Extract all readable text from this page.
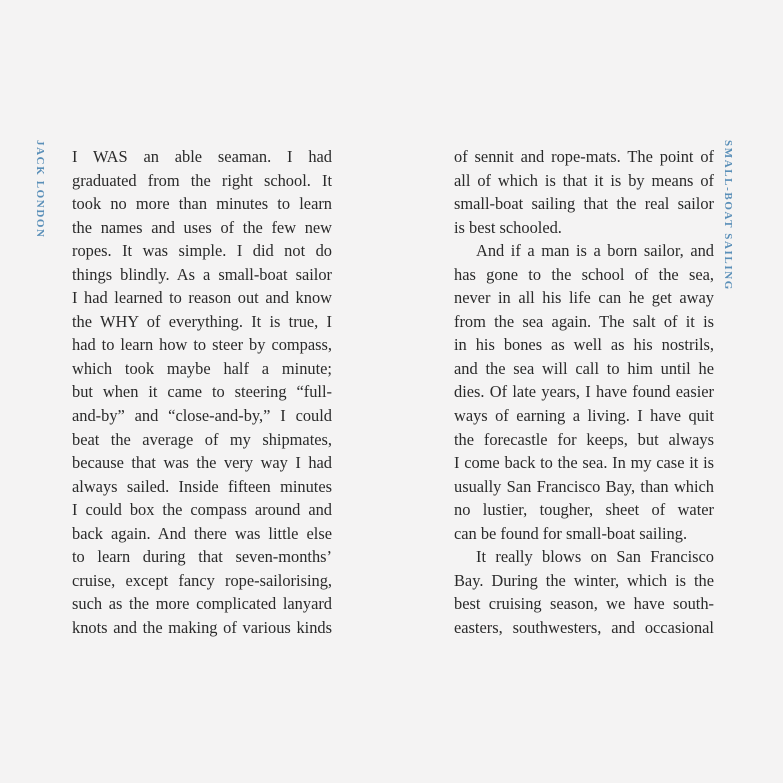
JACK LONDON I WAS an able seaman. I had
graduated from the right school. It
took no more than minutes to learn
the names and uses of the few new
ropes. It was simple. I did not do
things blindly. As a small-boat sailor
I had learned to reason out and know
the WHY of everything. It is true, I
had to learn how to steer by compass,
which took maybe half a minute;
but when it came to steering “full-
and-by” and “close-and-by,” I could
beat the average of my shipmates,
because that was the very way I had
always sailed. Inside fifteen minutes
I could box the compass around and
back again. And there was little else
to learn during that seven-months’
cruise, except fancy rope-sailorising,
such as the more complicated lanyard
knots and the making of various kinds
SMALL-BOAT SAILING
of sennit and rope-mats. The point of
all of which is that it is by means of
small-boat sailing that the real sailor
is best schooled.
And if a man is a born sailor, and
has gone to the school of the sea,
never in all his life can he get away
from the sea again. The salt of it is
in his bones as well as his nostrils,
and the sea will call to him until he
dies. Of late years, I have found easier
ways of earning a living. I have quit
the forecastle for keeps, but always
I come back to the sea. In my case it is
usually San Francisco Bay, than which
no lustier, tougher, sheet of water
can be found for small-boat sailing.
It really blows on San Francisco
Bay. During the winter, which is the
best cruising season, we have south-
easters, southwesters, and occasional
